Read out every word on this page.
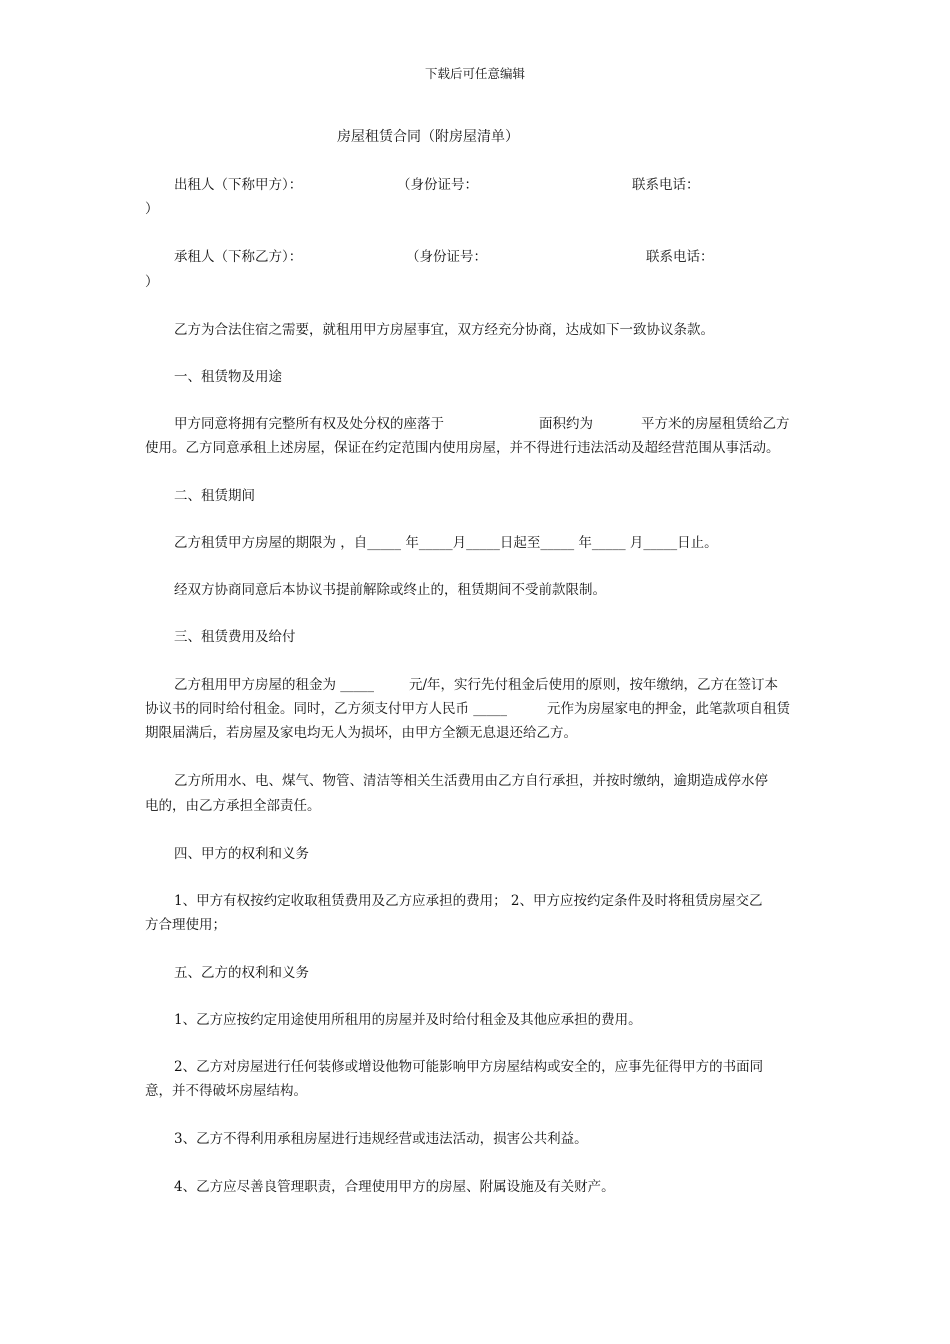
下载后可任意编辑
房屋租赁合同（附房屋清单）
出租人（下称甲方）：	（身份证号：	联系电话：
）
承租人（下称乙方）：	（身份证号：	联系电话：
）
乙方为合法住宿之需要，就租用甲方房屋事宜，双方经充分协商，达成如下一致协议条款。
一、租赁物及用途
甲方同意将拥有完整所有权及处分权的座落于	面积约为	平方米的房屋租赁给乙方
使用。乙方同意承租上述房屋，保证在约定范围内使用房屋，并不得进行违法活动及超经营范围从事活动。
二、租赁期间
乙方租赁甲方房屋的期限为 ，自_____ 年_____月_____日起至_____ 年_____ 月_____日止。
经双方协商同意后本协议书提前解除或终止的，租赁期间不受前款限制。
三、租赁费用及给付
乙方租用甲方房屋的租金为 _____	元/年，实行先付租金后使用的原则，按年缴纳，乙方在签订本
协议书的同时给付租金。同时，乙方须支付甲方人民币 _____	元作为房屋家电的押金，此笔款项自租赁
期限届满后，若房屋及家电均无人为损坏，由甲方全额无息退还给乙方。
乙方所用水、电、煤气、物管、清洁等相关生活费用由乙方自行承担，并按时缴纳，逾期造成停水停
电的，由乙方承担全部责任。
四、甲方的权利和义务
1、甲方有权按约定收取租赁费用及乙方应承担的费用； 2、甲方应按约定条件及时将租赁房屋交乙
方合理使用；
五、乙方的权利和义务
1、乙方应按约定用途使用所租用的房屋并及时给付租金及其他应承担的费用。
2、乙方对房屋进行任何装修或增设他物可能影响甲方房屋结构或安全的，应事先征得甲方的书面同
意，并不得破坏房屋结构。
3、乙方不得利用承租房屋进行违规经营或违法活动，损害公共利益。
4、乙方应尽善良管理职责，合理使用甲方的房屋、附属设施及有关财产。
